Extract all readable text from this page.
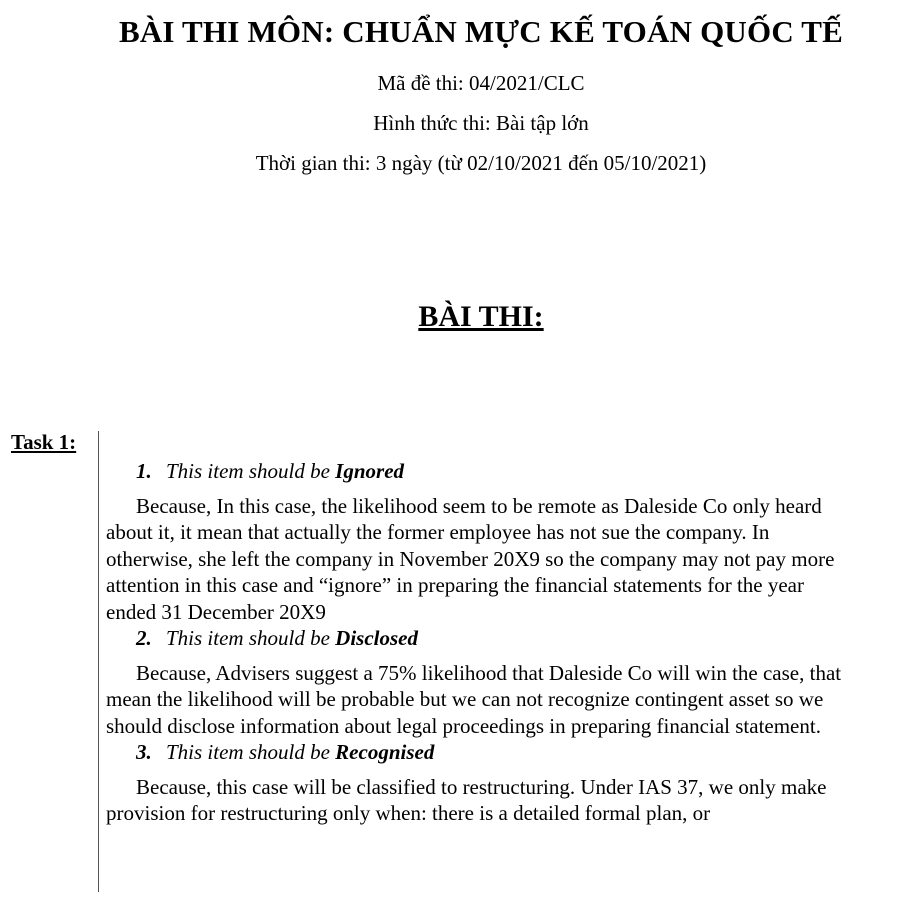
BÀI THI MÔN: CHUẨN MỰC KẾ TOÁN QUỐC TẾ
Mã đề thi: 04/2021/CLC
Hình thức thi: Bài tập lớn
Thời gian thi: 3 ngày (từ 02/10/2021 đến 05/10/2021)
BÀI THI:
Task 1:

1. This item should be Ignored

Because, In this case, the likelihood seem to be remote as Daleside Co only heard about it, it mean that actually the former employee has not sue the company. In otherwise, she left the company in November 20X9 so the company may not pay more attention in this case and “ignore” in preparing the financial statements for the year ended 31 December 20X9

2. This item should be Disclosed

Because, Advisers suggest a 75% likelihood that Daleside Co will win the case, that mean the likelihood will be probable but we can not recognize contingent asset so we should disclose information about legal proceedings in preparing financial statement.

3. This item should be Recognised

Because, this case will be classified to restructuring. Under IAS 37, we only make provision for restructuring only when: there is a detailed formal plan, or
